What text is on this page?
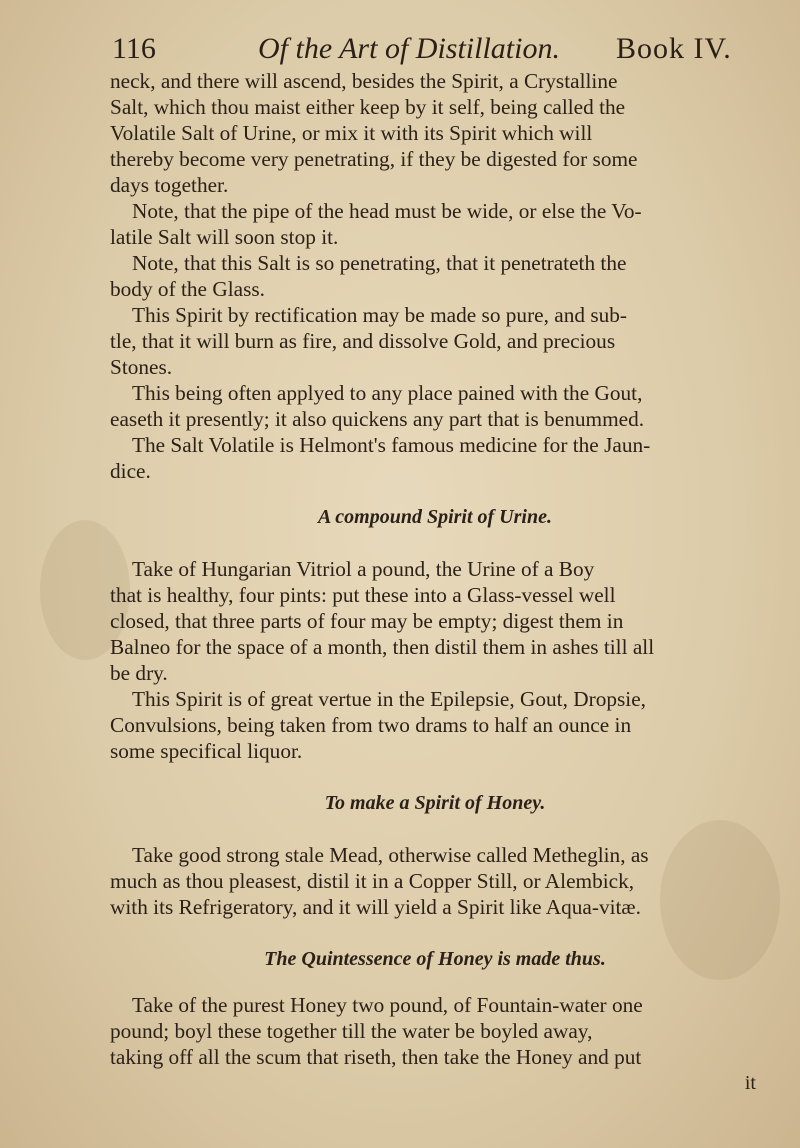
116	Of the Art of Distillation. Book IV.
neck, and there will ascend, besides the Spirit, a Crystalline
Salt, which thou maist either keep by it self, being called the
Volatile Salt of Urine, or mix it with its Spirit which will
thereby become very penetrating, if they be digested for some
days together.
Note, that the pipe of the head must be wide, or else the Vo-
latile Salt will soon stop it.
Note, that this Salt is so penetrating, that it penetrateth the
body of the Glass.
This Spirit by rectification may be made so pure, and sub-
tle, that it will burn as fire, and dissolve Gold, and precious
Stones.
This being often applyed to any place pained with the Gout,
easeth it presently; it also quickens any part that is benummed.
The Salt Volatile is Helmont's famous medicine for the Jaun-
dice.
A compound Spirit of Urine.
Take of Hungarian Vitriol a pound, the Urine of a Boy
that is healthy, four pints: put these into a Glass-vessel well
closed, that three parts of four may be empty; digest them in
Balneo for the space of a month, then distil them in ashes till all
be dry.
This Spirit is of great vertue in the Epilepsie, Gout, Dropsie,
Convulsions, being taken from two drams to half an ounce in
some specifical liquor.
To make a Spirit of Honey.
Take good strong stale Mead, otherwise called Metheglin, as
much as thou pleasest, distil it in a Copper Still, or Alembick,
with its Refrigeratory, and it will yield a Spirit like Aqua-vitæ.
The Quintessence of Honey is made thus.
Take of the purest Honey two pound, of Fountain-water one
pound; boyl these together till the water be boyled away,
taking off all the scum that riseth, then take the Honey and put
it
